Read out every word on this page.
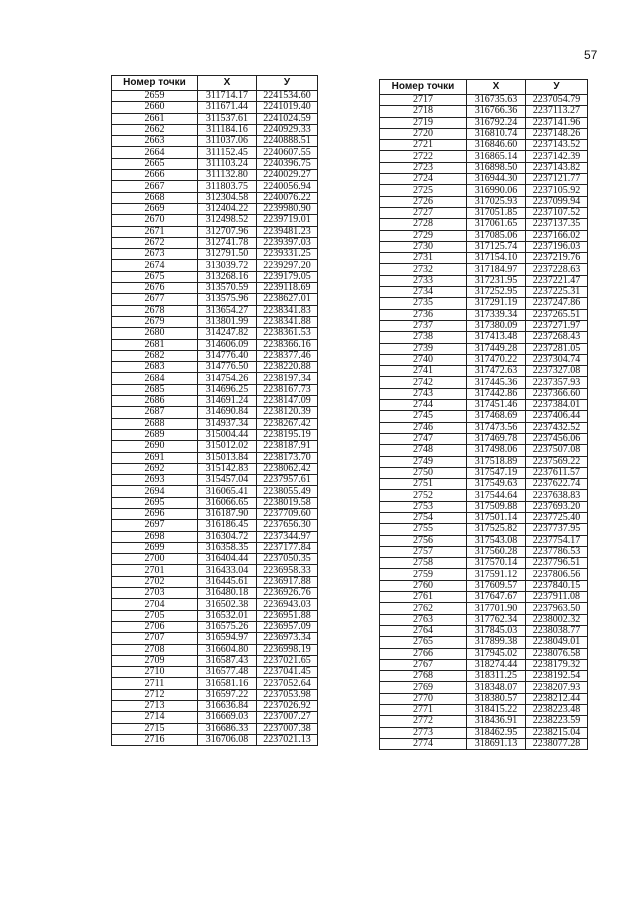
57
Номер точки	X	У
2659	311714.17	2241534.60
2660	311671.44	2241019.40
2661	311537.61	2241024.59
2662	311184.16	2240929.33
2663	311037.06	2240888.51
2664	311152.45	2240607.55
2665	311103.24	2240396.75
2666	311132.80	2240029.27
2667	311803.75	2240056.94
2668	312304.58	2240076.22
2669	312404.22	2239980.90
2670	312498.52	2239719.01
2671	312707.96	2239481.23
2672	312741.78	2239397.03
2673	312791.50	2239331.25
2674	313039.72	2239297.20
2675	313268.16	2239179.05
2676	313570.59	2239118.69
2677	313575.96	2238627.01
2678	313654.27	2238341.83
2679	313801.99	2238341.88
2680	314247.82	2238361.53
2681	314606.09	2238366.16
2682	314776.40	2238377.46
2683	314776.50	2238220.88
2684	314754.26	2238197.34
2685	314696.25	2238167.73
2686	314691.24	2238147.09
2687	314690.84	2238120.39
2688	314937.34	2238267.42
2689	315004.44	2238195.19
2690	315012.02	2238187.91
2691	315013.84	2238173.70
2692	315142.83	2238062.42
2693	315457.04	2237957.61
2694	316065.41	2238055.49
2695	316066.65	2238019.58
2696	316187.90	2237709.60
2697	316186.45	2237656.30
2698	316304.72	2237344.97
2699	316358.35	2237177.84
2700	316404.44	2237050.35
2701	316433.04	2236958.33
2702	316445.61	2236917.88
2703	316480.18	2236926.76
2704	316502.38	2236943.03
2705	316532.01	2236951.88
2706	316575.26	2236957.09
2707	316594.97	2236973.34
2708	316604.80	2236998.19
2709	316587.43	2237021.65
2710	316577.48	2237041.45
2711	316581.16	2237052.64
2712	316597.22	2237053.98
2713	316636.84	2237026.92
2714	316669.03	2237007.27
2715	316686.33	2237007.38
2716	316706.08	2237021.13
Номер точки	X	У
2717	316735.63	2237054.79
2718	316766.36	2237113.27
2719	316792.24	2237141.96
2720	316810.74	2237148.26
2721	316846.60	2237143.52
2722	316865.14	2237142.39
2723	316898.50	2237143.82
2724	316944.30	2237121.77
2725	316990.06	2237105.92
2726	317025.93	2237099.94
2727	317051.85	2237107.52
2728	317061.65	2237137.35
2729	317085.06	2237166.02
2730	317125.74	2237196.03
2731	317154.10	2237219.76
2732	317184.97	2237228.63
2733	317231.95	2237221.47
2734	317252.95	2237225.31
2735	317291.19	2237247.86
2736	317339.34	2237265.51
2737	317380.09	2237271.97
2738	317413.48	2237268.43
2739	317449.28	2237281.05
2740	317470.22	2237304.74
2741	317472.63	2237327.08
2742	317445.36	2237357.93
2743	317442.86	2237366.60
2744	317451.46	2237384.01
2745	317468.69	2237406.44
2746	317473.56	2237432.52
2747	317469.78	2237456.06
2748	317498.06	2237507.08
2749	317518.89	2237569.22
2750	317547.19	2237611.57
2751	317549.63	2237622.74
2752	317544.64	2237638.83
2753	317509.88	2237693.20
2754	317501.14	2237725.40
2755	317525.82	2237737.95
2756	317543.08	2237754.17
2757	317560.28	2237786.53
2758	317570.14	2237796.51
2759	317591.12	2237806.56
2760	317609.57	2237840.15
2761	317647.67	2237911.08
2762	317701.90	2237963.50
2763	317762.34	2238002.32
2764	317845.03	2238038.77
2765	317899.38	2238049.01
2766	317945.02	2238076.58
2767	318274.44	2238179.32
2768	318311.25	2238192.54
2769	318348.07	2238207.93
2770	318380.57	2238212.44
2771	318415.22	2238223.48
2772	318436.91	2238223.59
2773	318462.95	2238215.04
2774	318691.13	2238077.28
